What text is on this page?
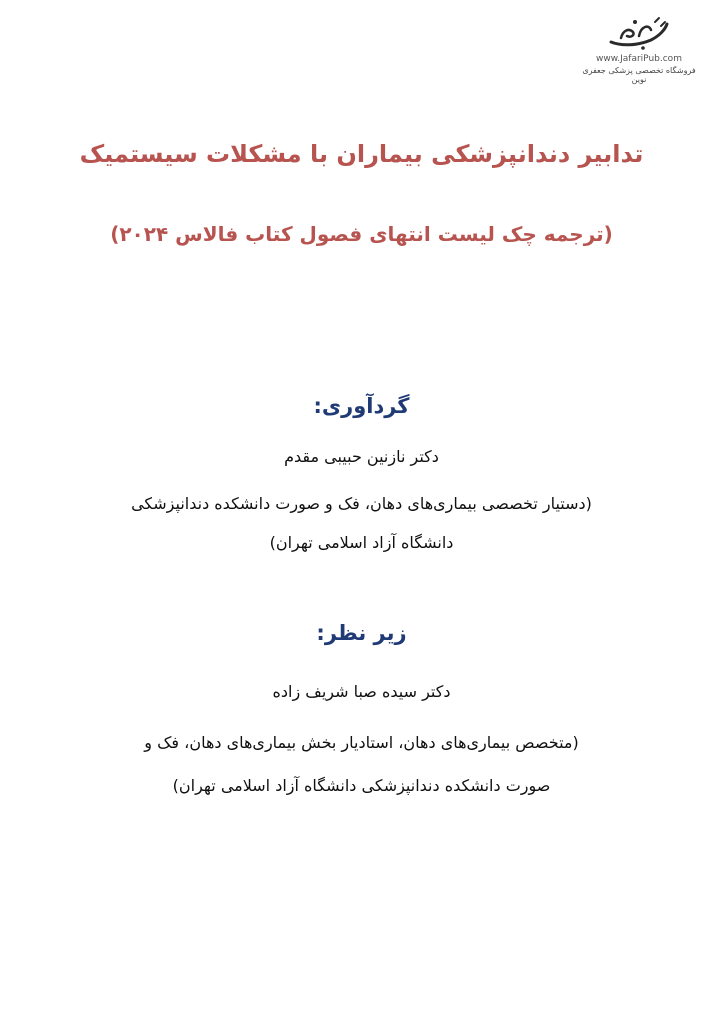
www.JafariPub.com
فروشگاه تخصصی پزشکی جعفری نوین
تدابیر دندانپزشکی بیماران با مشکلات سیستمیک
(ترجمه چک لیست انتهای فصول کتاب فالاس ۲۰۲۴)
گردآوری:
دکتر نازنین حبیبی مقدم
(دستیار تخصصی بیماری‌های دهان، فک و صورت دانشکده دندانپزشکی
دانشگاه آزاد اسلامی تهران)
زیر نظر:
دکتر سیده صبا شریف زاده
(متخصص بیماری‌های دهان، استادیار بخش بیماری‌های دهان، فک و
صورت دانشکده دندانپزشکی دانشگاه آزاد اسلامی تهران)
